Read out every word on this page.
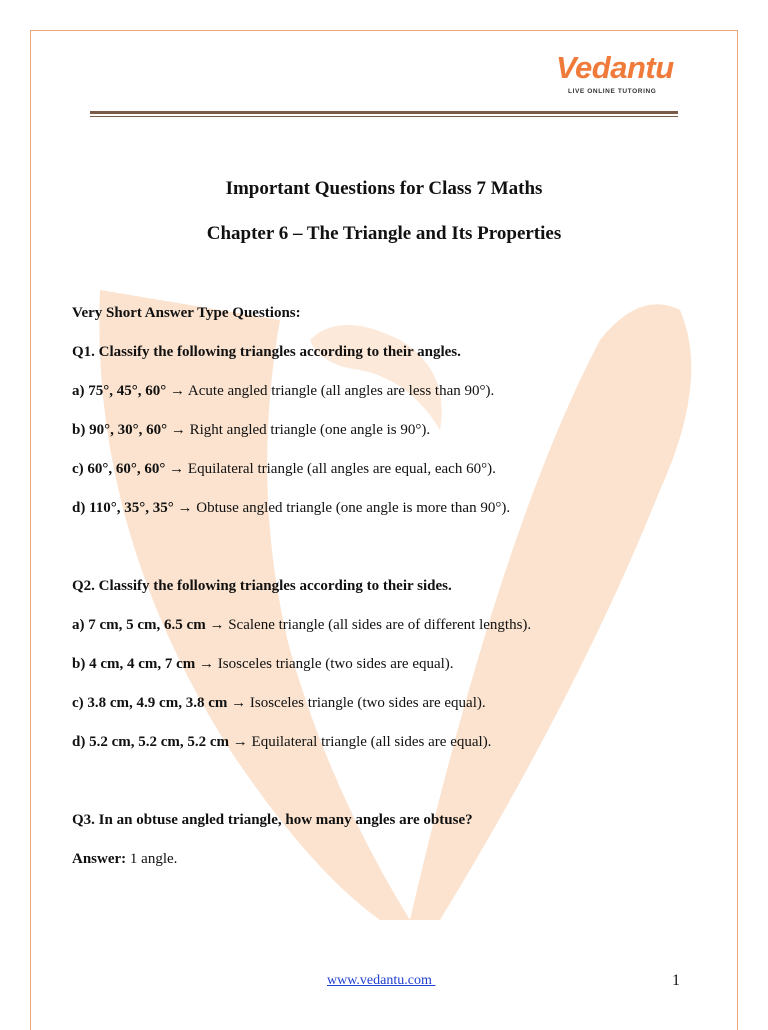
Vedantu
LIVE ONLINE TUTORING
Important Questions for Class 7 Maths
Chapter 6 – The Triangle and Its Properties
Very Short Answer Type Questions:
Q1. Classify the following triangles according to their angles.
a) 75°, 45°, 60° → Acute angled triangle (all angles are less than 90°).
b) 90°, 30°, 60° → Right angled triangle (one angle is 90°).
c) 60°, 60°, 60° → Equilateral triangle (all angles are equal, each 60°).
d) 110°, 35°, 35° → Obtuse angled triangle (one angle is more than 90°).
Q2. Classify the following triangles according to their sides.
a) 7 cm, 5 cm, 6.5 cm → Scalene triangle (all sides are of different lengths).
b) 4 cm, 4 cm, 7 cm → Isosceles triangle (two sides are equal).
c) 3.8 cm, 4.9 cm, 3.8 cm → Isosceles triangle (two sides are equal).
d) 5.2 cm, 5.2 cm, 5.2 cm → Equilateral triangle (all sides are equal).
Q3. In an obtuse angled triangle, how many angles are obtuse?
Answer: 1 angle.
www.vedantu.com	1
